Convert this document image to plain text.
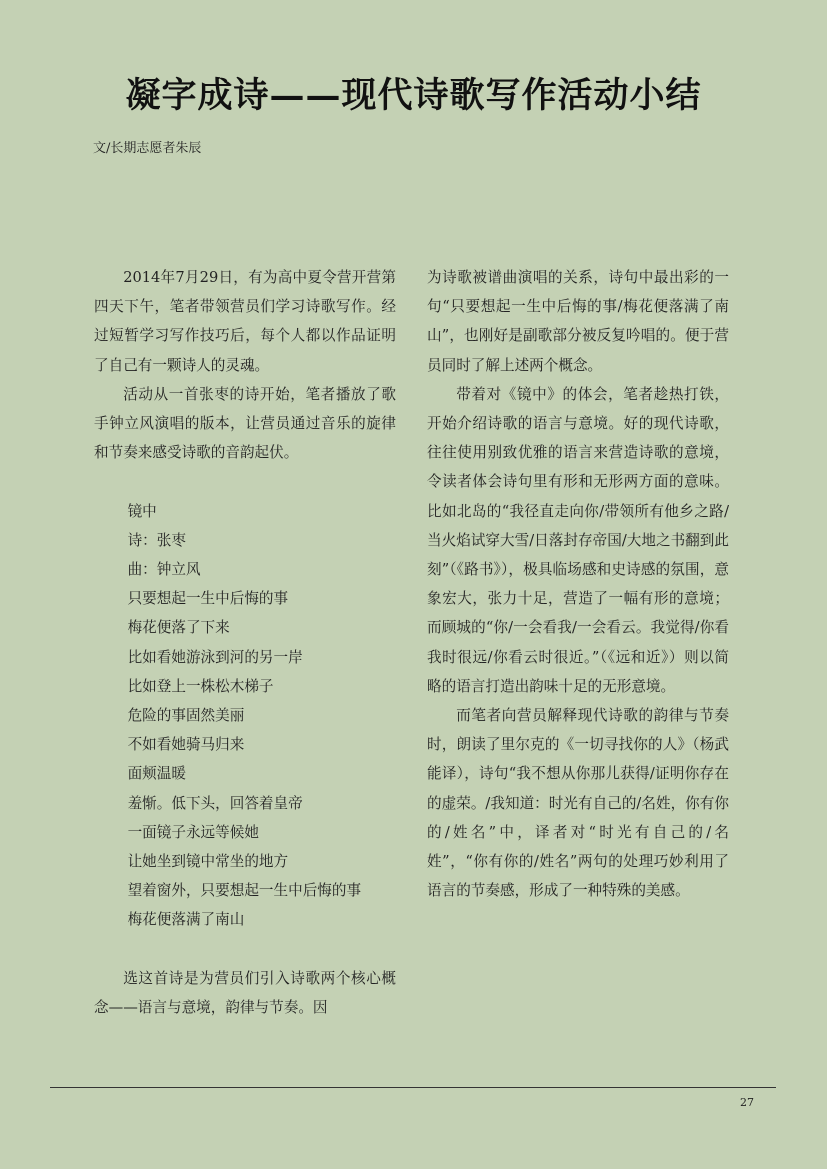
凝字成诗——现代诗歌写作活动小结
文/长期志愿者朱辰

2014年7月29日，有为高中夏令营开营第四天下午，笔者带领营员们学习诗歌写作。经过短暂学习写作技巧后，每个人都以作品证明了自己有一颗诗人的灵魂。

活动从一首张枣的诗开始，笔者播放了歌手钟立风演唱的版本，让营员通过音乐的旋律和节奏来感受诗歌的音韵起伏。

镜中

诗：张枣

曲：钟立风

只要想起一生中后悔的事

梅花便落了下来

比如看她游泳到河的另一岸

比如登上一株松木梯子

危险的事固然美丽

不如看她骑马归来

面颊温暖

羞惭。低下头，回答着皇帝

一面镜子永远等候她

让她坐到镜中常坐的地方

望着窗外，只要想起一生中后悔的事

梅花便落满了南山

选这首诗是为营员们引入诗歌两个核心概念——语言与意境，韵律与节奏。因

为诗歌被谱曲演唱的关系，诗句中最出彩的一句“只要想起一生中后悔的事/梅花便落满了南山”，也刚好是副歌部分被反复吟唱的。便于营员同时了解上述两个概念。

带着对《镜中》的体会，笔者趁热打铁，开始介绍诗歌的语言与意境。好的现代诗歌，往往使用别致优雅的语言来营造诗歌的意境，令读者体会诗句里有形和无形两方面的意味。比如北岛的“我径直走向你/带领所有他乡之路/当火焰试穿大雪/日落封存帝国/大地之书翻到此刻”（《路书》），极具临场感和史诗感的氛围，意象宏大，张力十足，营造了一幅有形的意境；而顾城的“你/一会看我/一会看云。我觉得/你看我时很远/你看云时很近。”（《远和近》）则以简略的语言打造出韵味十足的无形意境。

而笔者向营员解释现代诗歌的韵律与节奏时，朗读了里尔克的《一切寻找你的人》（杨武能译），诗句“我不想从你那儿获得/证明你存在的虚荣。/我知道：时光有自己的/名姓，你有你的/姓名”中，译者对“时光有自己的/名姓”，“你有你的/姓名”两句的处理巧妙利用了语言的节奏感，形成了一种特殊的美感。

27
